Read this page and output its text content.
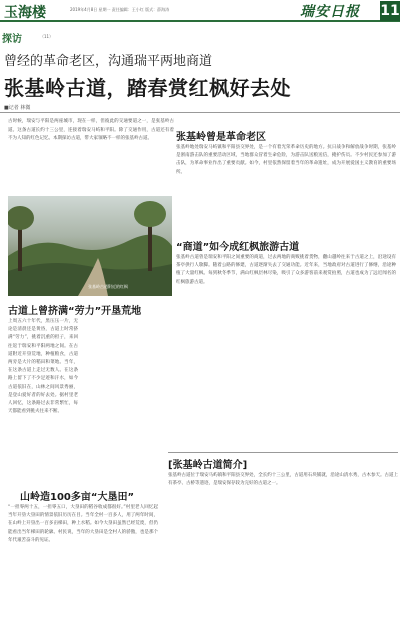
玉海楼	2019年4月8日 星期一 责任编辑：王小红 版式：薛海涛	瑞安日报	11
探访	（11）
曾经的革命老区，沟通瑞平两地商道
张基岭古道，踏春赏红枫好去处
■记者 林微
古时候，瑞安与平阳是两座城市，现在一样，但彼此的交通要道之一，是张基岭古道。这条古道长约十三公里，连接着瑞安马屿和平阳。除了交通作用，古道还有着不为人知的红色记忆。本期探访古道，带大家领略不一样的张基岭古道。
张基岭古道附近的红枫
古道上曾挤满“劳力”开垦荒地
上周五六十年代，黑压压一片，无论是清晨还是黄昏，古道上时常挤满“劳力”，挑着沉重的担子，来回往返于瑞安和平阳两地之间。在古道附近开垦荒地，种植粮食，古道两旁是大片的稻田和菜地。当年，在这条古道上走过无数人。在这条路上留下了不少足迹和汗水，如今古道依旧在，山林之间风景秀丽，是登山爱好者的好去处。据村里老人回忆，这条路过去非常繁忙，每天都能看到挑夫往来不断。
山岭造100多亩“大垦田”
“一担零两十五，一担零五口，大垦田的稻谷收成都很好。”村里老人回忆起当年开垦大垦田的情景依旧历历在目。当年全村一百多人，用了两年时间，在山岭上开垦出一百多亩梯田，种上水稻。如今大垦田虽然已经荒废，但仍能看出当年梯田的轮廓。村民说，当年的大垦田是全村人的骄傲，也是那个年代艰苦奋斗的见证。
张基岭曾是革命老区
张基岭地处瑞安马屿镇和平阳县交界处，是一个有着光荣革命历史的地方。抗日战争和解放战争时期，张基岭是浙南游击队的重要活动区域，当地群众冒着生命危险，为游击队送粮送信，掩护伤员。不少村民还参加了游击队，为革命事业作出了重要贡献。如今，村里依然保留着当年的革命遗址，成为开展爱国主义教育的重要场所。
“商道”如今成红枫旅游古道
张基岭古道曾是瑞安和平阳之间重要的商道，过去两地的商贩挑着货物，翻山越岭往来于古道之上，沿途设有茶亭供行人歇脚。随着公路的修建，古道逐渐失去了交通功能。近年来，当地政府对古道进行了修缮，沿途种植了大量红枫。每到秋冬季节，满山红枫层林尽染，吸引了众多游客前来观赏拍照，古道也成为了远近闻名的红枫旅游古道。
[张基岭古道简介]
张基岭古道位于瑞安马屿镇和平阳县交界处，全长约十三公里，古道用石块铺就，沿途山清水秀，古木参天。古道上有茶亭、古桥等遗迹，是瑞安保存较为完好的古道之一。
